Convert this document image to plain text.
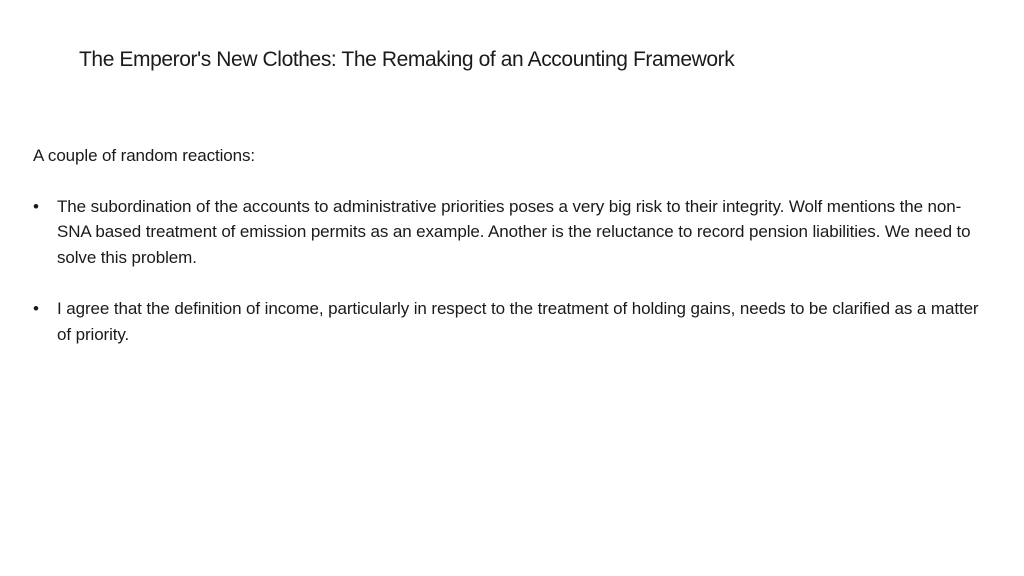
The Emperor's New Clothes: The Remaking of an Accounting Framework

A couple of random reactions:

• The subordination of the accounts to administrative priorities poses a very big risk to their integrity. Wolf mentions the non-SNA based treatment of emission permits as an example. Another is the reluctance to record pension liabilities. We need to solve this problem.
• I agree that the definition of income, particularly in respect to the treatment of holding gains, needs to be clarified as a matter of priority.
